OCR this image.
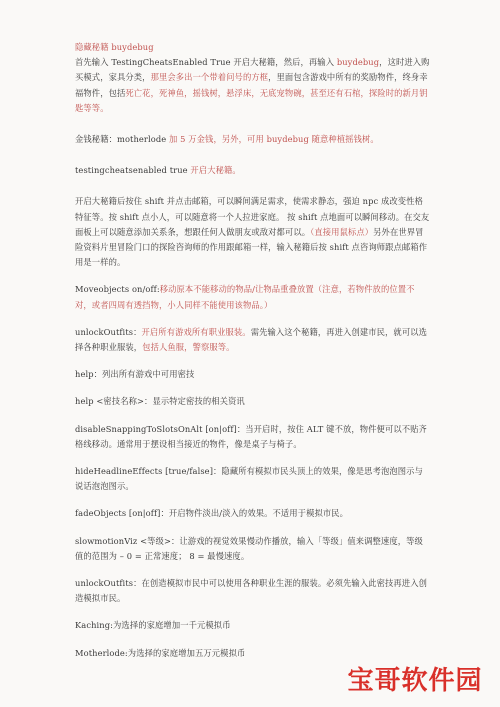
隐藏秘籍 buydebug

首先输入 TestingCheatsEnabled True 开启大秘籍，然后，再输入 buydebug，这时进入购买模式，家具分类，那里会多出一个带着问号的方框，里面包含游戏中所有的奖励物件，终身幸福物件，包括死亡花，死神鱼，摇钱树，悬浮床，无底宠物碗，甚至还有石棺，探险时的新月钥匙等等。

金钱秘籍：motherlode 加 5 万金钱，另外，可用 buydebug 随意种植摇钱树。

testingcheatsenabled true 开启大秘籍。

开启大秘籍后按住 shift 并点击邮箱，可以瞬间满足需求，使需求静态，强迫 npc 成改变性格特征等。按 shift 点小人，可以随意将一个人拉进家庭。 按 shift 点地面可以瞬间移动。在交友面板上可以随意添加关系条，想跟任何人做朋友或敌对都可以。（直接用鼠标点）另外在世界冒险资料片里冒险门口的探险咨询师的作用跟邮箱一样，输入秘籍后按 shift 点咨询师跟点邮箱作用是一样的。

Moveobjects on/off:移动原本不能移动的物品/让物品重叠放置（注意，若物件放的位置不对，或者四周有透挡物，小人同样不能使用该物品。）

unlockOutfits：开启所有游戏所有职业服装。需先输入这个秘籍，再进入创建市民，就可以选择各种职业服装，包括人鱼服，警察服等。

help：列出所有游戏中可用密技

help <密技名称>：显示特定密技的相关资讯

disableSnappingToSlotsOnAlt [on|off]：当开启时，按住 ALT 键不放，物件便可以不贴齐格线移动。通常用于摆设相当接近的物件，像是桌子与椅子。

hideHeadlineEffects [true/false]：隐藏所有模拟市民头顶上的效果，像是思考泡泡图示与说话泡泡图示。

fadeObjects [on|off]：开启物件淡出/淡入的效果。不适用于模拟市民。

slowmotionViz <等级>：让游戏的视觉效果慢动作播放，输入「等级」值来调整速度，等级值的范围为 – 0 = 正常速度； 8 = 最慢速度。

unlockOutfits：在创造模拟市民中可以使用各种职业生涯的服装。必须先输入此密技再进入创造模拟市民。

Kaching:为选择的家庭增加一千元模拟币

Motherlode:为选择的家庭增加五万元模拟币

宝哥软件园
